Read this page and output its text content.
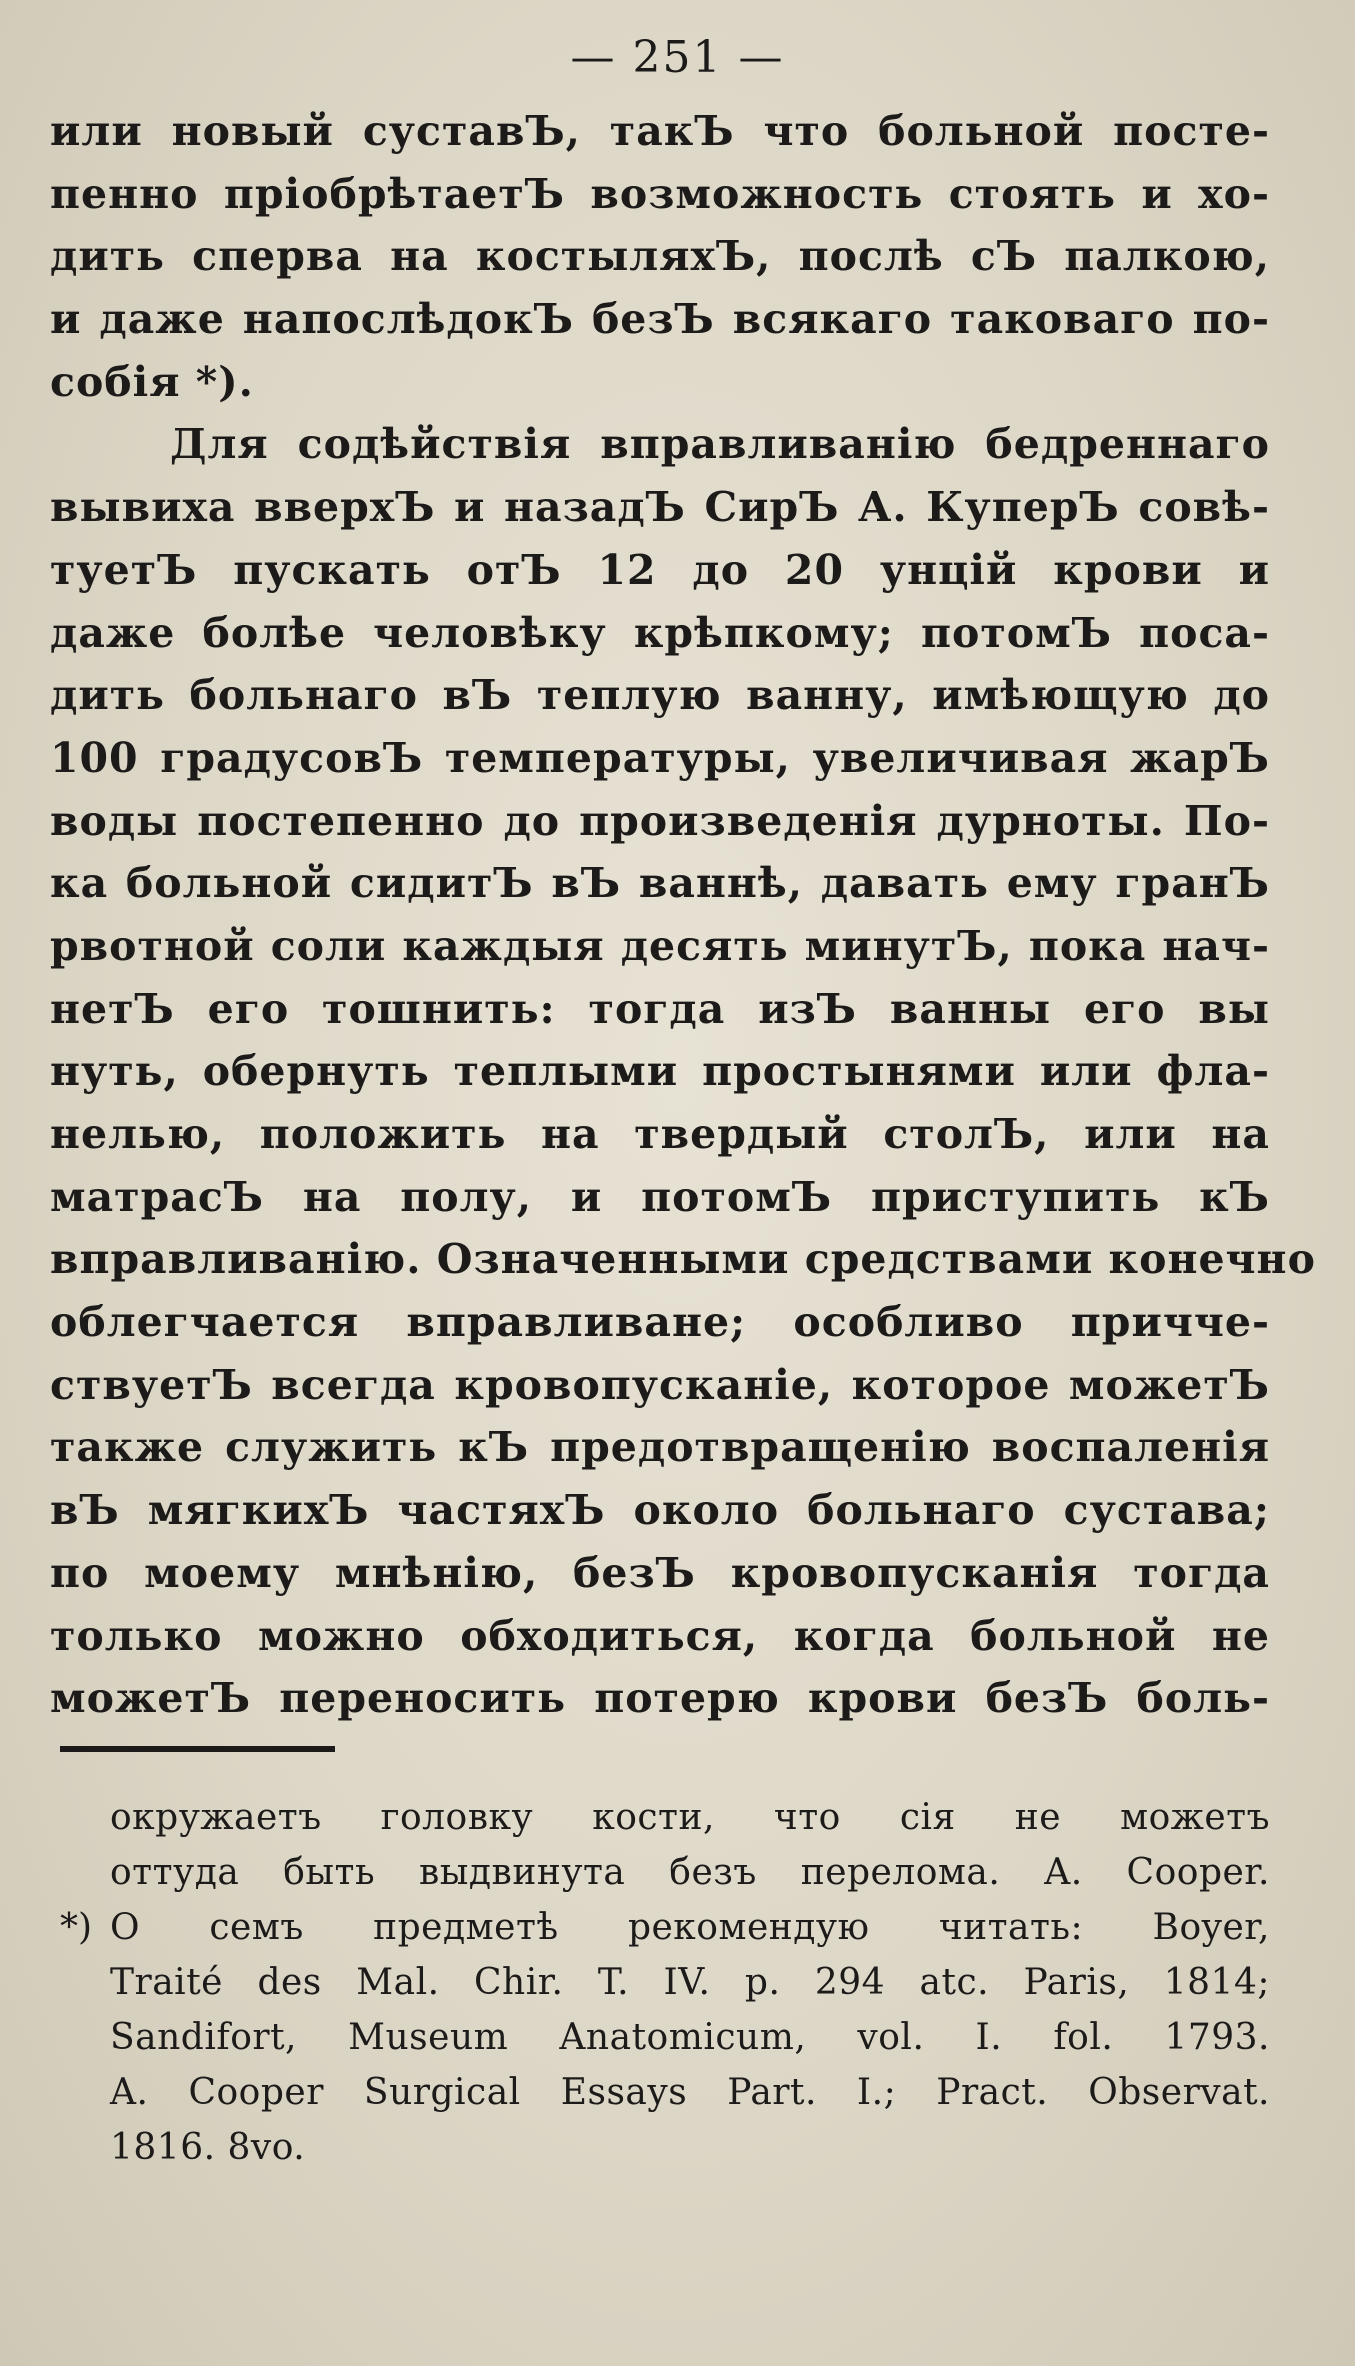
— 251 —
или новый суставЪ, такЪ что больной посте-
пенно пріобрѣтаетЪ возможность стоять и хо-
дить сперва на костыляхЪ, послѣ сЪ палкою,
и даже напослѣдокЪ безЪ всякаго таковаго по-
собія *).
Для содѣйствія вправливанію бедреннаго
вывиха вверхЪ и назадЪ СирЪ А. КуперЪ совѣ-
туетЪ пускать отЪ 12 до 20 унцій крови и
даже болѣе человѣку крѣпкому; потомЪ поса-
дить больнаго вЪ теплую ванну, имѣющую до
100 градусовЪ температуры, увеличивая жарЪ
воды постепенно до произведенія дурноты. По-
ка больной сидитЪ вЪ ваннѣ, давать ему гранЪ
рвотной соли каждыя десять минутЪ, пока нач-
нетЪ его тошнить: тогда изЪ ванны его вы
нуть, обернуть теплыми простынями или фла-
нелью, положить на твердый столЪ, или на
матрасЪ на полу, и потомЪ приступить кЪ
вправливанію. Означенными средствами конечно
облегчается вправливане; особливо причче-
ствуетЪ всегда кровопусканіе, которое можетЪ
также служить кЪ предотвращенію воспаленія
вЪ мягкихЪ частяхЪ около больнаго сустава;
по моему мнѣнію, безЪ кровопусканія тогда
только можно обходиться, когда больной не
можетЪ переносить потерю крови безЪ боль-
окружаетъ головку кости, что сія не можетъ
оттуда быть выдвинута безъ перелома. A. Cooper.
*) О семъ предметѣ рекомендую читать: Boyer,
Traité des Mal. Chir. T. IV. p. 294 atc. Paris, 1814;
Sandifort, Museum Anatomicum, vol. I. fol. 1793.
A. Cooper Surgical Essays Part. I.; Pract. Observat.
1816. 8vo.
